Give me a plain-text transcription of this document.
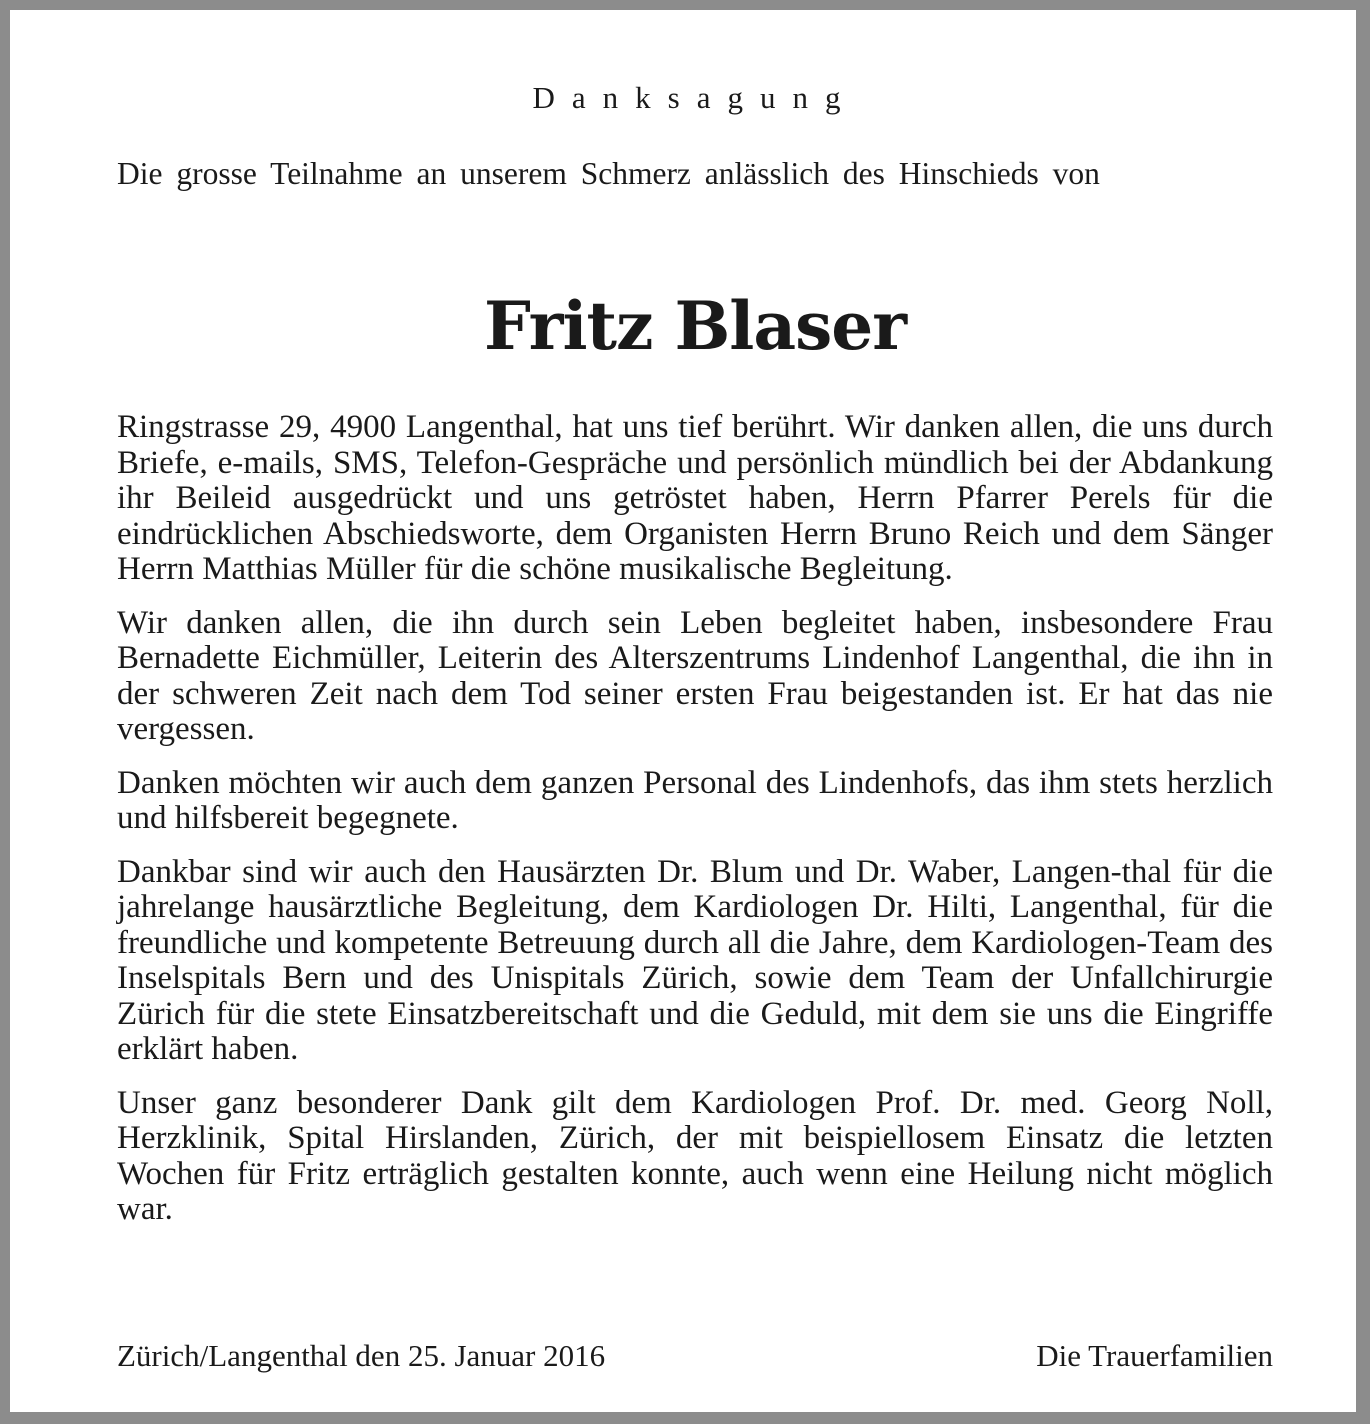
Danksagung
Die grosse Teilnahme an unserem Schmerz anlässlich des Hinschieds von
Fritz Blaser

Ringstrasse 29, 4900 Langenthal, hat uns tief berührt. Wir danken allen, die uns durch Briefe, e-mails, SMS, Telefon-Gespräche und persönlich mündlich bei der Abdankung ihr Beileid ausgedrückt und uns getröstet haben, Herrn Pfarrer Perels für die eindrücklichen Abschiedsworte, dem Organisten Herrn Bruno Reich und dem Sänger Herrn Matthias Müller für die schöne musikalische Begleitung.

Wir danken allen, die ihn durch sein Leben begleitet haben, insbesondere Frau Bernadette Eichmüller, Leiterin des Alterszentrums Lindenhof Langenthal, die ihn in der schweren Zeit nach dem Tod seiner ersten Frau beigestanden ist. Er hat das nie vergessen.

Danken möchten wir auch dem ganzen Personal des Lindenhofs, das ihm stets herzlich und hilfsbereit begegnete.

Dankbar sind wir auch den Hausärzten Dr. Blum und Dr. Waber, Langen-thal für die jahrelange hausärztliche Begleitung, dem Kardiologen Dr. Hilti, Langenthal, für die freundliche und kompetente Betreuung durch all die Jahre, dem Kardiologen-Team des Inselspitals Bern und des Unispitals Zürich, sowie dem Team der Unfallchirurgie Zürich für die stete Einsatzbereitschaft und die Geduld, mit dem sie uns die Eingriffe erklärt haben.

Unser ganz besonderer Dank gilt dem Kardiologen Prof. Dr. med. Georg Noll, Herzklinik, Spital Hirslanden, Zürich, der mit beispiellosem Einsatz die letzten Wochen für Fritz erträglich gestalten konnte, auch wenn eine Heilung nicht möglich war.

Zürich/Langenthal den 25. Januar 2016	Die Trauerfamilien
